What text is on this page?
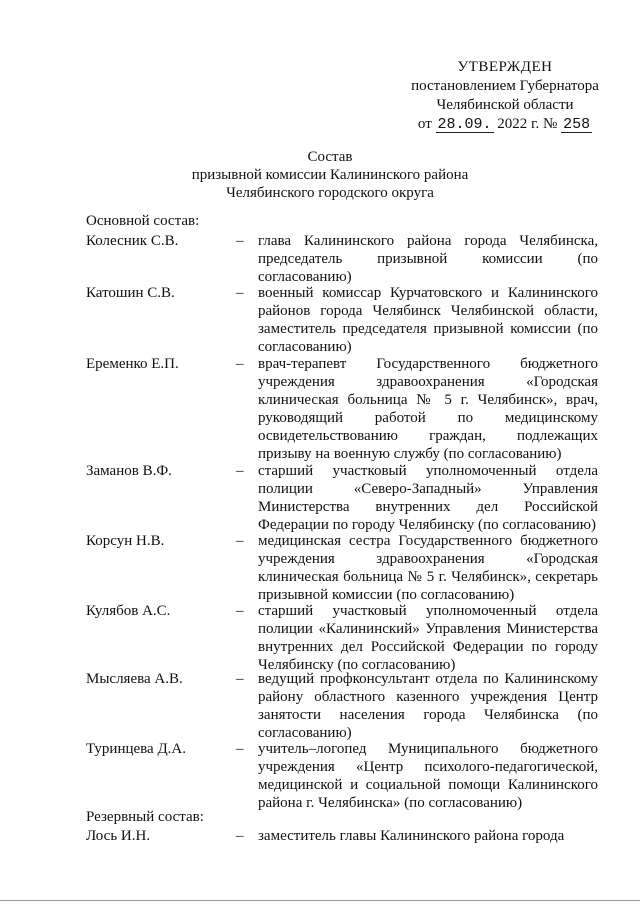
УТВЕРЖДЕН
постановлением Губернатора
Челябинской области
от 28.09. 2022 г. № 258
Состав
призывной комиссии Калининского района
Челябинского городского округа
Основной состав:
Колесник С.В.	– глава Калининского района города Челябинска, председатель призывной комиссии (по согласованию)
Катошин С.В.	– военный комиссар Курчатовского и Калининского районов города Челябинск Челябинской области, заместитель председателя призывной комиссии (по согласованию)
Еременко Е.П.	– врач-терапевт Государственного бюджетного учреждения здравоохранения «Городская клиническая больница № 5 г. Челябинск», врач, руководящий работой по медицинскому освидетельствованию граждан, подлежащих призыву на военную службу (по согласованию)
Заманов В.Ф.	– старший участковый уполномоченный отдела полиции «Северо-Западный» Управления Министерства внутренних дел Российской Федерации по городу Челябинску (по согласованию)
Корсун Н.В.	– медицинская сестра Государственного бюджетного учреждения здравоохранения «Городская клиническая больница № 5 г. Челябинск», секретарь призывной комиссии (по согласованию)
Кулябов А.С.	– старший участковый уполномоченный отдела полиции «Калининский» Управления Министерства внутренних дел Российской Федерации по городу Челябинску (по согласованию)
Мысляева А.В.	– ведущий профконсультант отдела по Калининскому району областного казенного учреждения Центр занятости населения города Челябинска (по согласованию)
Туринцева Д.А.	– учитель–логопед Муниципального бюджетного учреждения «Центр психолого-педагогической, медицинской и социальной помощи Калининского района г. Челябинска» (по согласованию)
Резервный состав:
Лось И.Н.	– заместитель главы Калининского района города
